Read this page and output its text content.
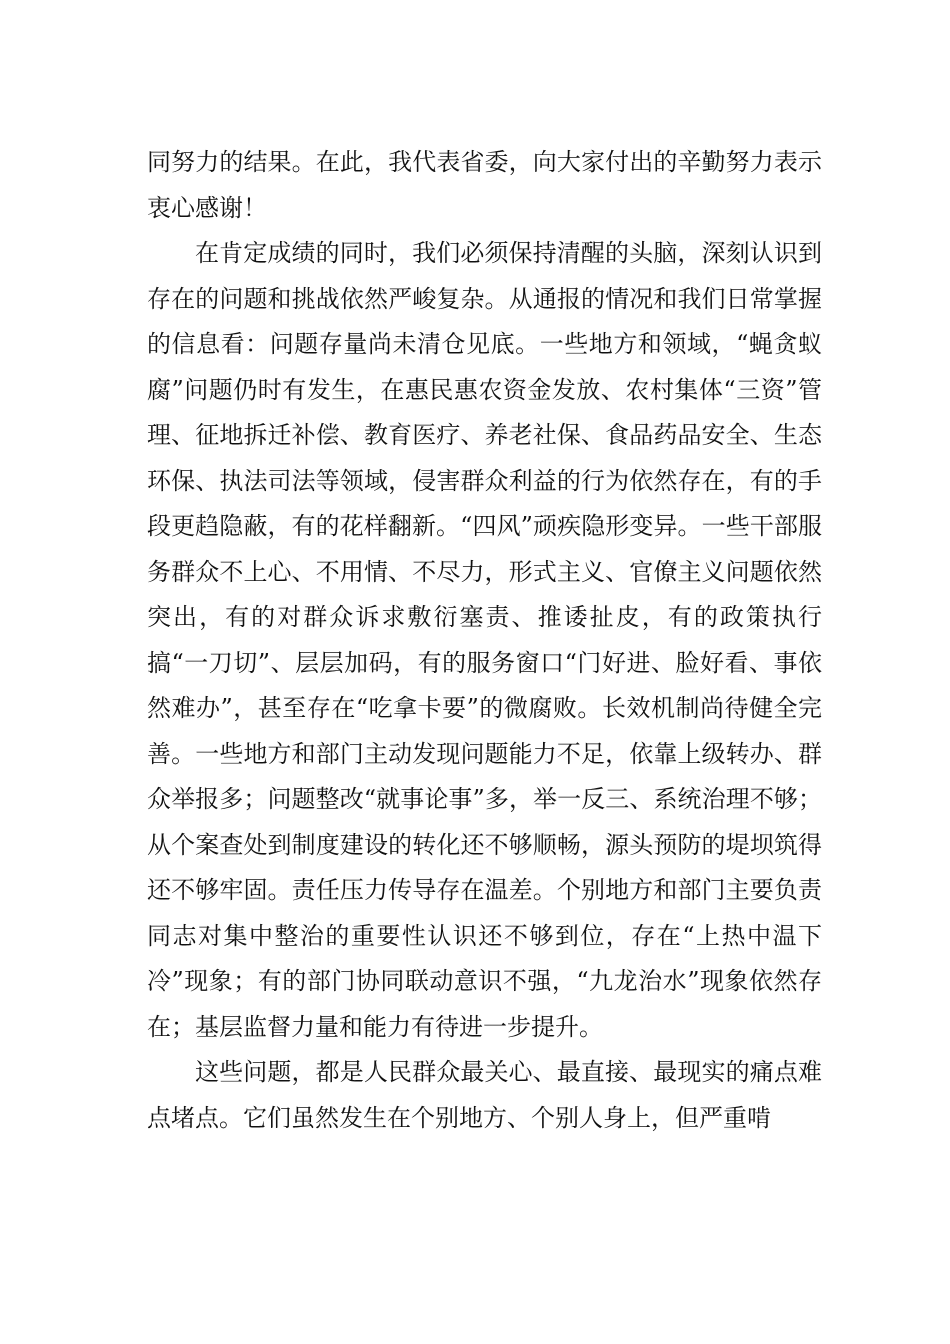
同努力的结果。在此，我代表省委，向大家付出的辛勤努力表示衷心感谢！

在肯定成绩的同时，我们必须保持清醒的头脑，深刻认识到存在的问题和挑战依然严峻复杂。从通报的情况和我们日常掌握的信息看：问题存量尚未清仓见底。一些地方和领域，“蝇贪蚁腐”问题仍时有发生，在惠民惠农资金发放、农村集体“三资”管理、征地拆迁补偿、教育医疗、养老社保、食品药品安全、生态环保、执法司法等领域，侵害群众利益的行为依然存在，有的手段更趋隐蔽，有的花样翻新。“四风”顽疾隐形变异。一些干部服务群众不上心、不用情、不尽力，形式主义、官僚主义问题依然突出，有的对群众诉求敷衍塞责、推诿扯皮，有的政策执行搞“一刀切”、层层加码，有的服务窗口“门好进、脸好看、事依然难办”，甚至存在“吃拿卡要”的微腐败。长效机制尚待健全完善。一些地方和部门主动发现问题能力不足，依靠上级转办、群众举报多；问题整改“就事论事”多，举一反三、系统治理不够；从个案查处到制度建设的转化还不够顺畅，源头预防的堤坝筑得还不够牢固。责任压力传导存在温差。个别地方和部门主要负责同志对集中整治的重要性认识还不够到位，存在“上热中温下冷”现象；有的部门协同联动意识不强，“九龙治水”现象依然存在；基层监督力量和能力有待进一步提升。

这些问题，都是人民群众最关心、最直接、最现实的痛点难点堵点。它们虽然发生在个别地方、个别人身上，但严重啃
